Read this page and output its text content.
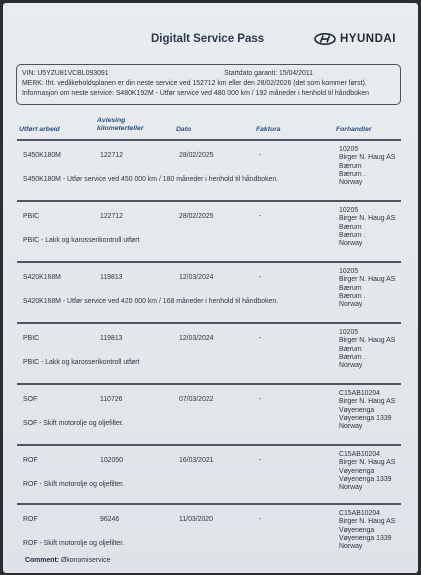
Digitalt Service Pass	HYUNDAI
VIN: U5YZU81VCBL093091	Startdato garanti: 15/04/2011
MERK: Iht. vedlikeholdsplanen er din neste service ved 152712 km eller den 28/02/2026 (det som kommer først).
Informasjon om neste service: S480K192M - Utfør service ved 480 000 km / 192 måneder i henhold til håndboken
Utført arbeid
Avlesing
kilometerteller	Dato	Faktura	Forhandler
S450K180M	122712	28/02/2025	-
10205
Birger N. Haug AS
Bærum
Bærum .
Norway
S450K180M - Utfør service ved 450 000 km / 180 måneder i henhold til håndboken.
PBIC	122712	28/02/2025	-
10205
Birger N. Haug AS
Bærum
Bærum .
Norway
PBIC - Lakk og karosserikontroll utført
S420K168M	119813	12/03/2024	-
10205
Birger N. Haug AS
Bærum
Bærum .
Norway
S420K168M - Utfør service ved 420 000 km / 168 måneder i henhold til håndboken.
PBIC	119813	12/03/2024	-
10205
Birger N. Haug AS
Bærum
Bærum .
Norway
PBIC - Lakk og karosserikontroll utført
SOF	110726	07/03/2022	-
C15AB10204
Birger N. Haug AS
Vøyenenga
Vøyenenga 1339
Norway
SOF - Skift motorolje og oljefilter.
ROF	102050	16/03/2021	-
C15AB10204
Birger N. Haug AS
Vøyenenga
Vøyenenga 1339
Norway
ROF - Skift motorolje og oljefilter.
ROF	96246	11/03/2020	-
C15AB10204
Birger N. Haug AS
Vøyenenga
Vøyenenga 1339
Norway
ROF - Skift motorolje og oljefilter.
Comment: Økonomiservice
